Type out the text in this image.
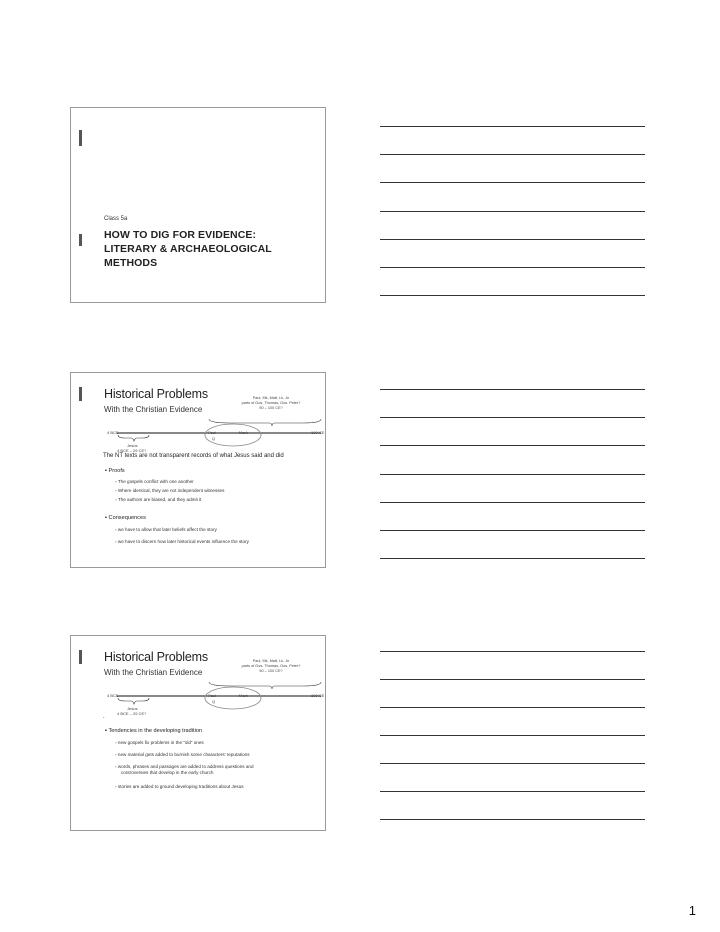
Class 5a
HOW TO DIG FOR EVIDENCE:
LITERARY & ARCHAEOLOGICAL METHODS
Historical Problems
With the Christian Evidence
Paul, Mk, Matt, Lk, Jn
parts of Gos. Thomas, Gos. Peter?
50 – 100 CE?
4 BCE	100 CE
Paul	Mark
Q
Jesus
4 BCE – 29 CE?
The NT texts are not transparent records of what Jesus said and did
▪ Proofs
▫ The gospels conflict with one another
▫ Where identical, they are not independent witnesses
▫ The authors are biased, and they admit it
▪ Consequences
▫ we have to allow that later beliefs affect the story
▫ we have to discern how later historical events influence the story
Historical Problems
With the Christian Evidence
Paul, Mk, Matt, Lk, Jn
parts of Gos. Thomas, Gos. Peter?
50 – 100 CE?
4 BCE	100 CE
Paul	Mark
Q
Jesus
4 BCE – 29 CE?
.
▪ Tendencies in the developing tradition
▫ new gospels fix problems in the “old” ones
▫ new material gets added to burnish some characters’ reputations
▫ words, phrases and passages are added to address questions and
controversies that develop in the early church
▫ stories are added to ground developing traditions about Jesus
1
